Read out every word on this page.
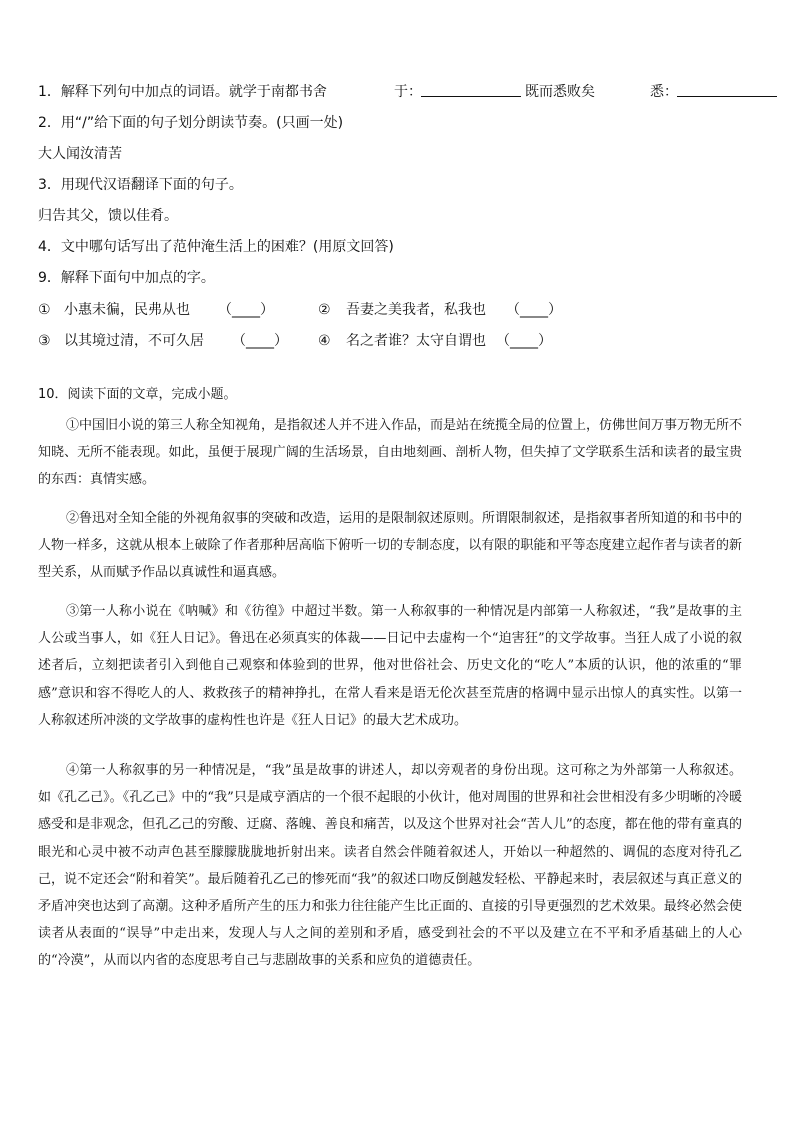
1．解释下列句中加点的词语。就学于南都书舍	于：	既而悉败矣	悉：
2．用“/”给下面的句子划分朗读节奏。(只画一处)
大人闻汝清苦
3．用现代汉语翻译下面的句子。
归告其父，馈以佳肴。
4．文中哪句话写出了范仲淹生活上的困难？(用原文回答)
9．解释下面句中加点的字。
① 小惠未徧，民弗从也 （____）	② 吾妻之美我者，私我也 （____）
③ 以其境过清，不可久居 （____） ④ 名之者谁？太守自谓也 （____）
10．阅读下面的文章，完成小题。

①中国旧小说的第三人称全知视角，是指叙述人并不进入作品，而是站在统揽全局的位置上，仿佛世间万事万物无所不知晓、无所不能表现。如此，虽便于展现广阔的生活场景，自由地刻画、剖析人物，但失掉了文学联系生活和读者的最宝贵的东西：真情实感。

②鲁迅对全知全能的外视角叙事的突破和改造，运用的是限制叙述原则。所谓限制叙述，是指叙事者所知道的和书中的人物一样多，这就从根本上破除了作者那种居高临下俯听一切的专制态度，以有限的职能和平等态度建立起作者与读者的新型关系，从而赋予作品以真诚性和逼真感。

③第一人称小说在《呐喊》和《彷徨》中超过半数。第一人称叙事的一种情况是内部第一人称叙述，“我”是故事的主人公或当事人，如《狂人日记》。鲁迅在必须真实的体裁——日记中去虚构一个“迫害狂”的文学故事。当狂人成了小说的叙述者后，立刻把读者引入到他自己观察和体验到的世界，他对世俗社会、历史文化的“吃人”本质的认识，他的浓重的“罪感”意识和容不得吃人的人、救救孩子的精神挣扎，在常人看来是语无伦次甚至荒唐的格调中显示出惊人的真实性。以第一人称叙述所冲淡的文学故事的虚构性也许是《狂人日记》的最大艺术成功。

④第一人称叙事的另一种情况是，“我”虽是故事的讲述人，却以旁观者的身份出现。这可称之为外部第一人称叙述。如《孔乙己》。《孔乙己》中的“我”只是咸亨酒店的一个很不起眼的小伙计，他对周围的世界和社会世相没有多少明晰的冷暖感受和是非观念，但孔乙己的穷酸、迂腐、落魄、善良和痛苦，以及这个世界对社会“苦人儿”的态度，都在他的带有童真的眼光和心灵中被不动声色甚至朦朦胧胧地折射出来。读者自然会伴随着叙述人，开始以一种超然的、调侃的态度对待孔乙己，说不定还会“附和着笑”。最后随着孔乙己的惨死而“我”的叙述口吻反倒越发轻松、平静起来时，表层叙述与真正意义的矛盾冲突也达到了高潮。这种矛盾所产生的压力和张力往往能产生比正面的、直接的引导更强烈的艺术效果。最终必然会使读者从表面的“误导”中走出来，发现人与人之间的差别和矛盾，感受到社会的不平以及建立在不平和矛盾基础上的人心的“冷漠”，从而以内省的态度思考自己与悲剧故事的关系和应负的道德责任。
